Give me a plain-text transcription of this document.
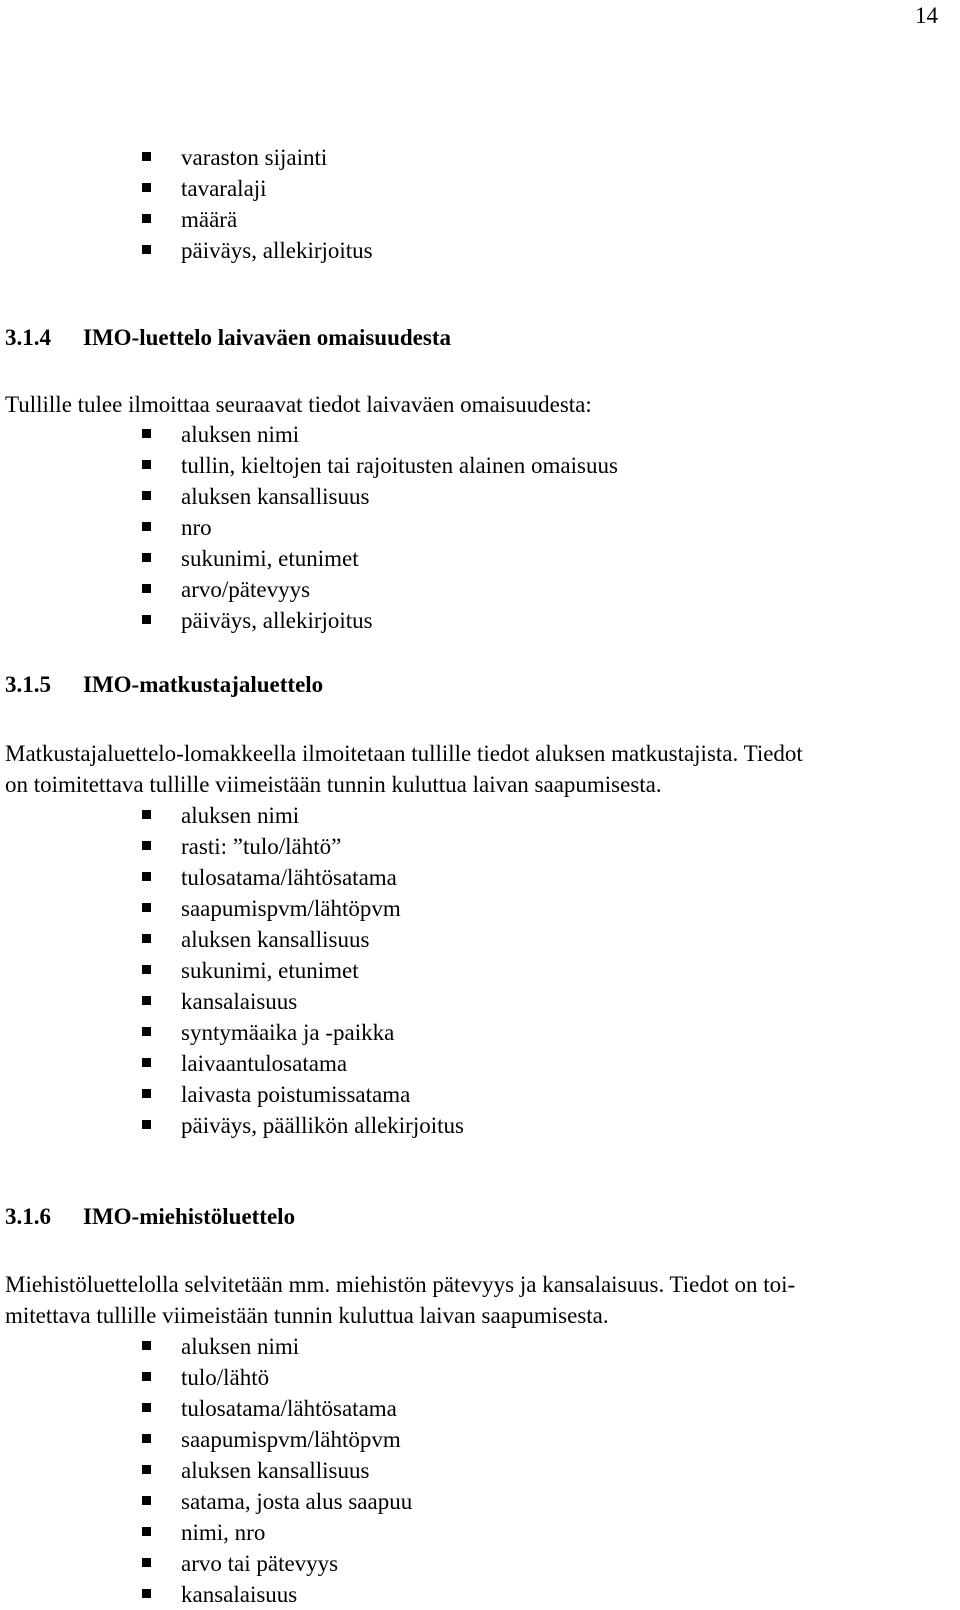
14
varaston sijainti
tavaralaji
määrä
päiväys, allekirjoitus
3.1.4 IMO-luettelo laivaväen omaisuudesta

Tullille tulee ilmoittaa seuraavat tiedot laivaväen omaisuudesta:

aluksen nimi
tullin, kieltojen tai rajoitusten alainen omaisuus
aluksen kansallisuus
nro
sukunimi, etunimet
arvo/pätevyys
päiväys, allekirjoitus
3.1.5 IMO-matkustajaluettelo

Matkustajaluettelo-lomakkeella ilmoitetaan tullille tiedot aluksen matkustajista. Tiedot

on toimitettava tullille viimeistään tunnin kuluttua laivan saapumisesta.

aluksen nimi
rasti: ”tulo/lähtö”
tulosatama/lähtösatama
saapumispvm/lähtöpvm
aluksen kansallisuus
sukunimi, etunimet
kansalaisuus
syntymäaika ja -paikka
laivaantulosatama
laivasta poistumissatama
päiväys, päällikön allekirjoitus
3.1.6 IMO-miehistöluettelo

Miehistöluettelolla selvitetään mm. miehistön pätevyys ja kansalaisuus. Tiedot on toi-

mitettava tullille viimeistään tunnin kuluttua laivan saapumisesta.

aluksen nimi
tulo/lähtö
tulosatama/lähtösatama
saapumispvm/lähtöpvm
aluksen kansallisuus
satama, josta alus saapuu
nimi, nro
arvo tai pätevyys
kansalaisuus
